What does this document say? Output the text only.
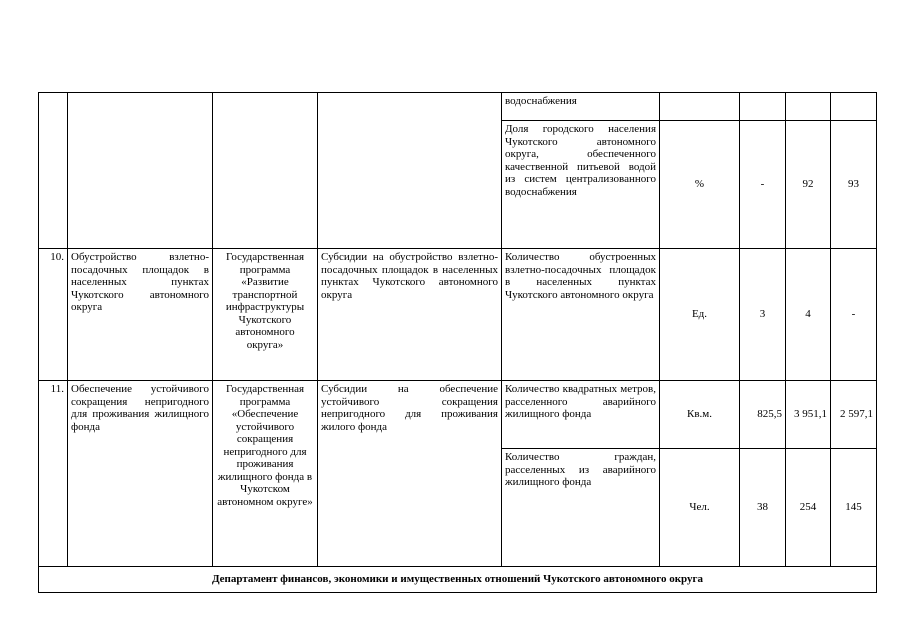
				водоснабжения				
				Доля городского населения Чукотского автономного округа, обеспеченного качественной питьевой водой из систем централизованного водоснабжения	%	-	92	93
10.	Обустройство взлетно-посадочных площадок в населенных пунктах Чукотского автономного округа	Государственная программа «Развитие транспортной инфраструктуры Чукотского автономного округа»	Субсидии на обустройство взлетно-посадочных площадок в населенных пунктах Чукотского автономного округа	Количество обустроенных взлетно-посадочных площадок в населенных пунктах Чукотского автономного округа	Ед.	3	4	-
11.	Обеспечение устойчивого сокращения непригодного для проживания жилищного фонда	Государственная программа «Обеспечение устойчивого сокращения непригодного для проживания жилищного фонда в Чукотском автономном округе»	Субсидии на обеспечение устойчивого сокращения непригодного для проживания жилого фонда	Количество квадратных метров, расселенного аварийного жилищного фонда	Кв.м.	825,5	3 951,1	2 597,1
				Количество граждан, расселенных из аварийного жилищного фонда	Чел.	38	254	145
Департамент финансов, экономики и имущественных отношений Чукотского автономного округа								
